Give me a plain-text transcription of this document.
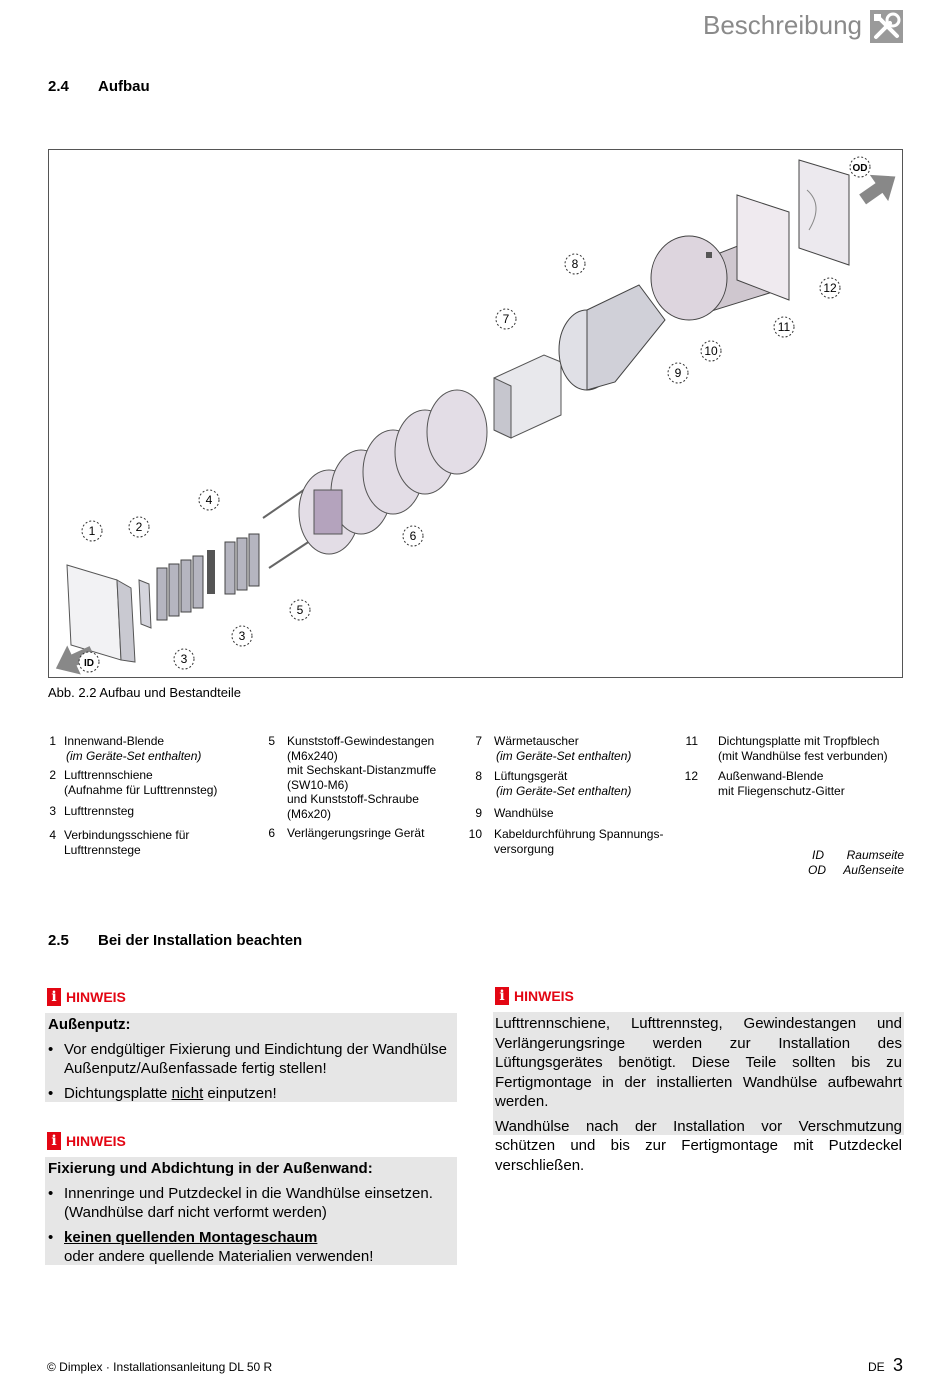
Beschreibung
2.4 Aufbau
1	2
3
3
4
5
6
7
8
9
10
11
12
ID
OD
Abb. 2.2 Aufbau und Bestandteile
1 Innenwand-Blende
(im Geräte-Set enthalten)
2 Lufttrennschiene
(Aufnahme für Lufttrennsteg)
3 Lufttrennsteg
4 Verbindungsschiene für
Lufttrennstege
5 Kunststoff-Gewindestangen
(M6x240)
mit Sechskant-Distanzmuffe
(SW10-M6)
und Kunststoff-Schraube
(M6x20)
6 Verlängerungsringe Gerät
7 Wärmetauscher
(im Geräte-Set enthalten)
8 Lüftungsgerät
(im Geräte-Set enthalten)
9 Wandhülse
10 Kabeldurchführung Spannungs-
versorgung
11 Dichtungsplatte mit Tropfblech
(mit Wandhülse fest verbunden)
12 Außenwand-Blende
mit Fliegenschutz-Gitter
ID Raumseite
OD Außenseite
2.5 Bei der Installation beachten
i HINWEIS
Außenputz:
• Vor endgültiger Fixierung und Eindichtung der Wandhülse Außenputz/Außenfassade fertig stellen!
• Dichtungsplatte nicht einputzen!
i HINWEIS
Fixierung und Abdichtung in der Außenwand:
• Innenringe und Putzdeckel in die Wandhülse einsetzen. (Wandhülse darf nicht verformt werden)
• keinen quellenden Montageschaum
oder andere quellende Materialien verwenden!
i HINWEIS
Lufttrennschiene, Lufttrennsteg, Gewindestangen und Verlängerungsringe werden zur Installation des Lüftungsgerätes benötigt. Diese Teile sollten bis zu Fertigmontage in der installierten Wandhülse aufbewahrt werden.
Wandhülse nach der Installation vor Verschmutzung schützen und bis zur Fertigmontage mit Putzdeckel verschließen.
© Dimplex · Installationsanleitung DL 50 R	DE 3
